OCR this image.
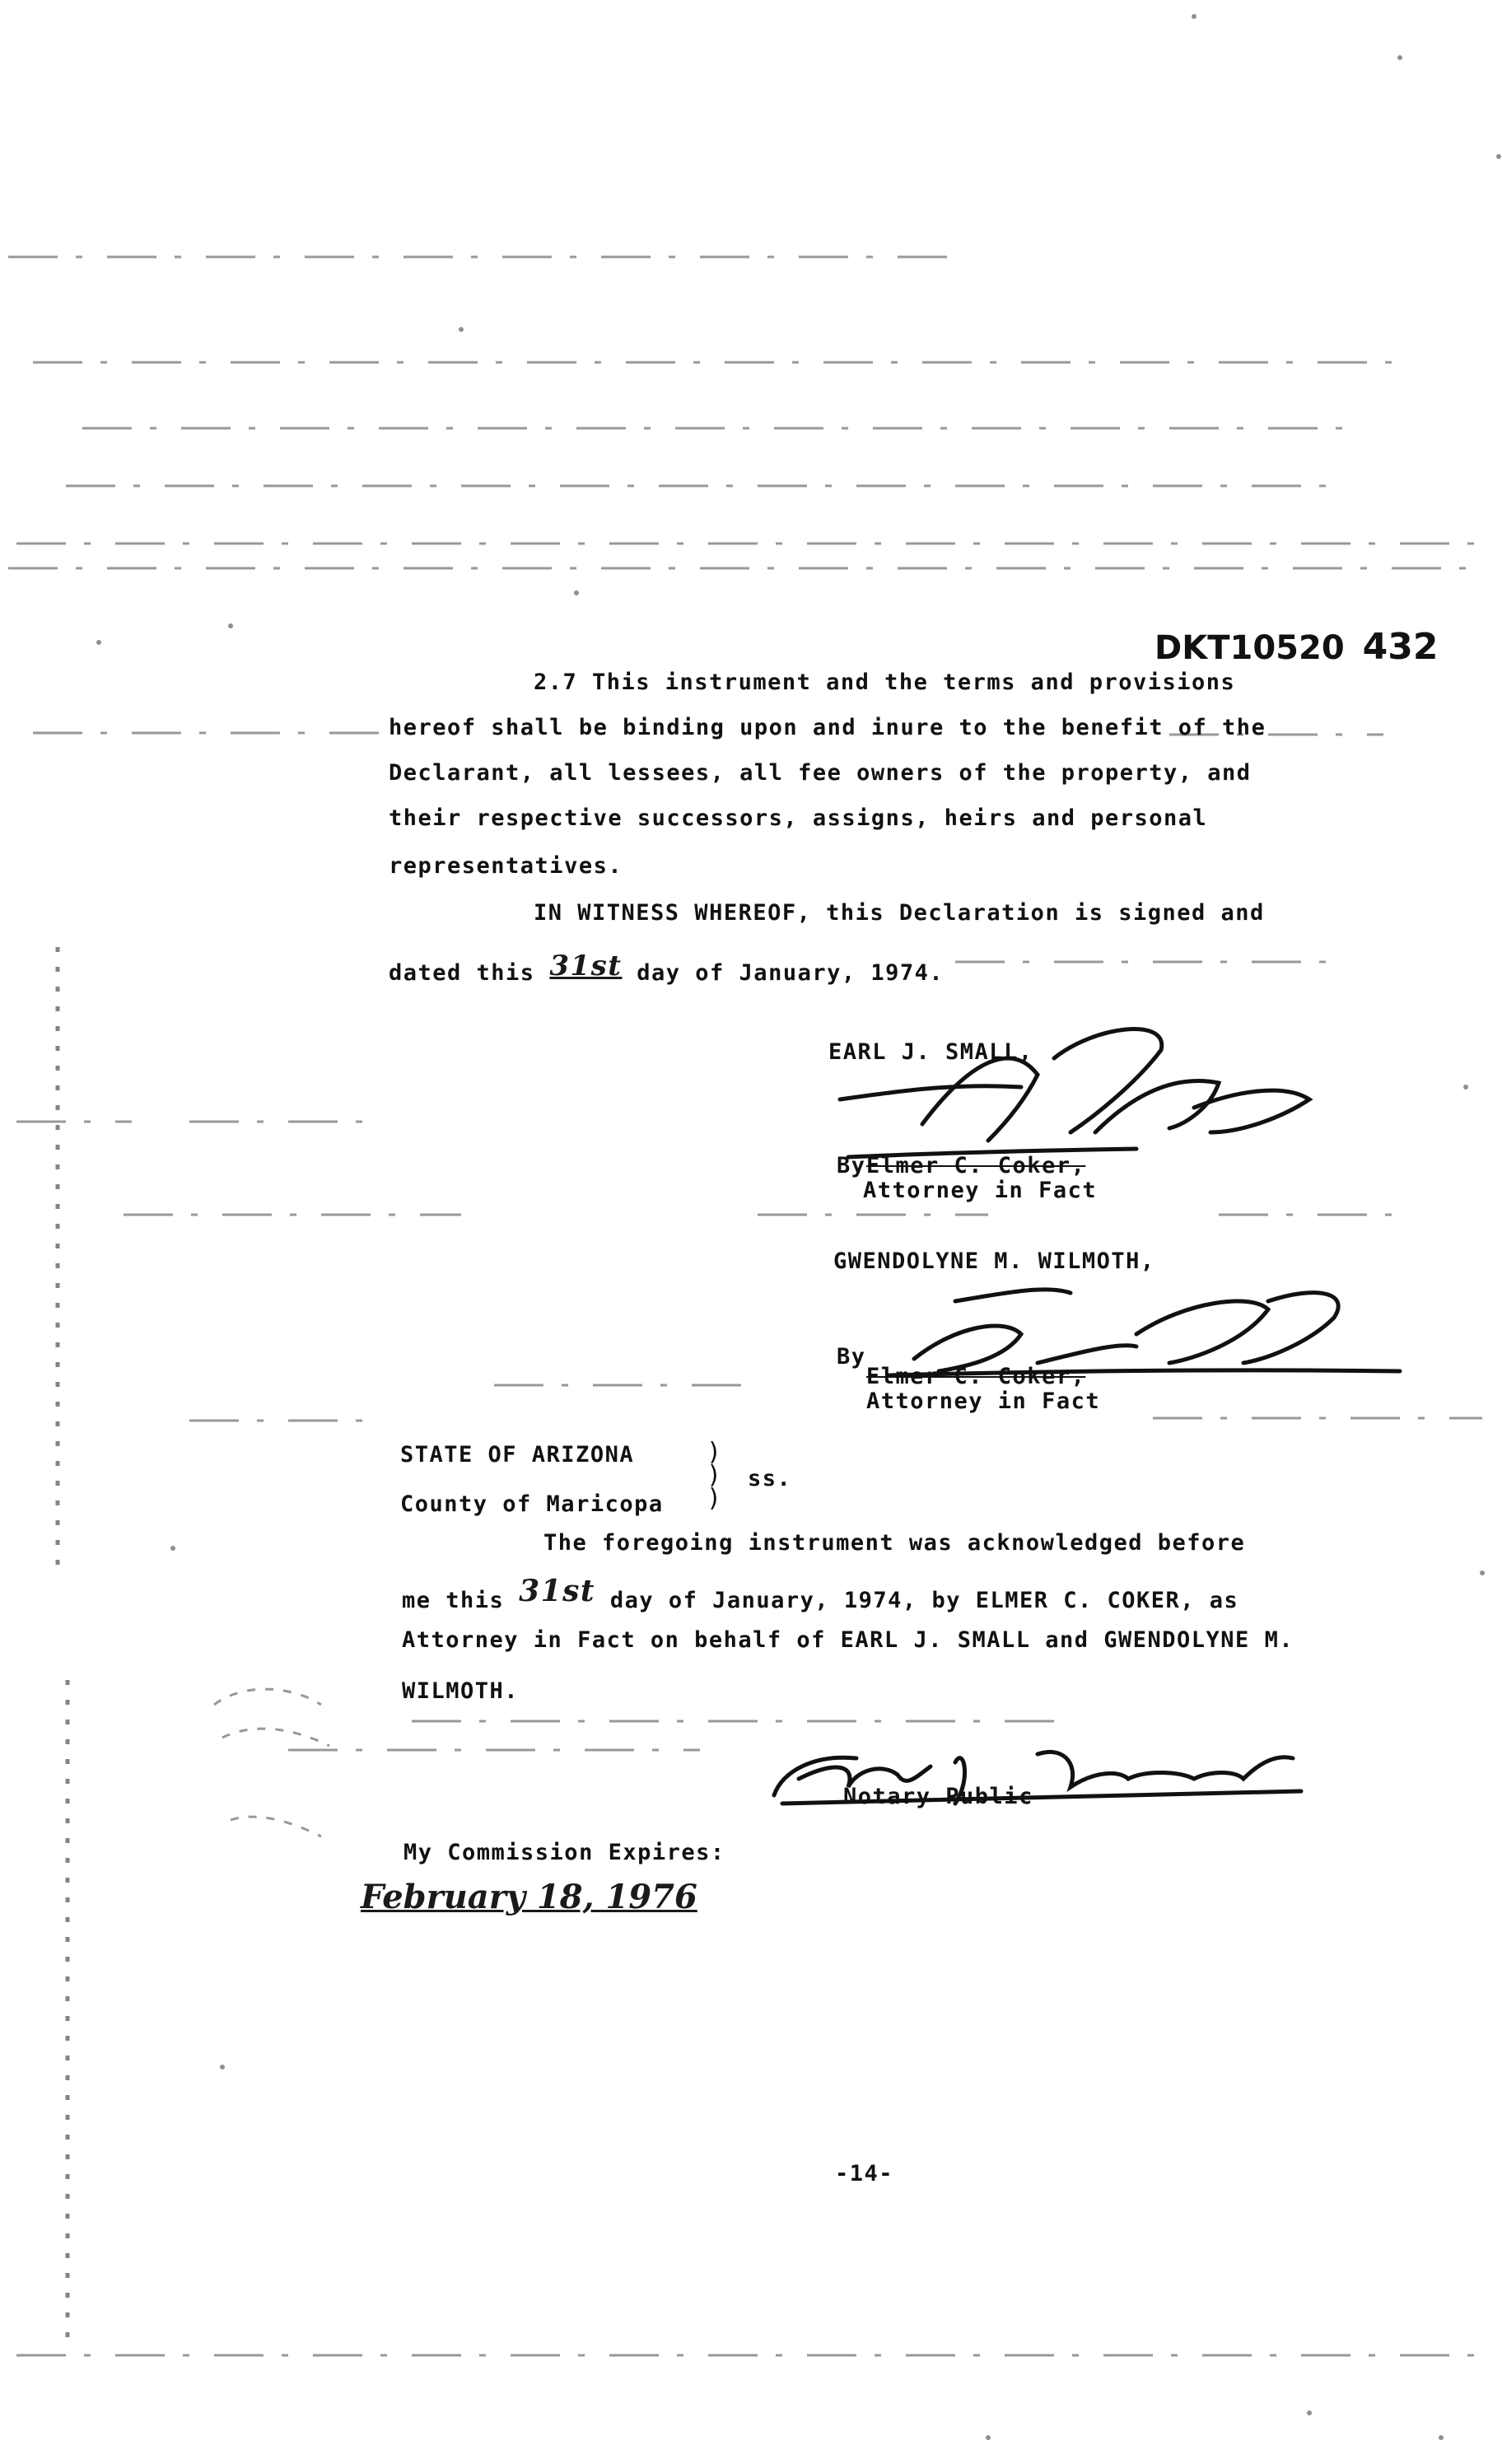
DKT10520 432
2.7 This instrument and the terms and provisions
hereof shall be binding upon and inure to the benefit of the
Declarant, all lessees, all fee owners of the property, and
their respective successors, assigns, heirs and personal
representatives.
IN WITNESS WHEREOF, this Declaration is signed and
dated this 31st day of January, 1974.
EARL J. SMALL,
By Elmer C. Coker,
Attorney in Fact
GWENDOLYNE M. WILMOTH,
By
Elmer C. Coker,
Attorney in Fact
STATE OF ARIZONA
County of Maricopa
)
)
)
ss.
The foregoing instrument was acknowledged before
me this 31st day of January, 1974, by ELMER C. COKER, as
Attorney in Fact on behalf of EARL J. SMALL and GWENDOLYNE M.
WILMOTH.
Notary Public
My Commission Expires:
February 18, 1976
-14-
